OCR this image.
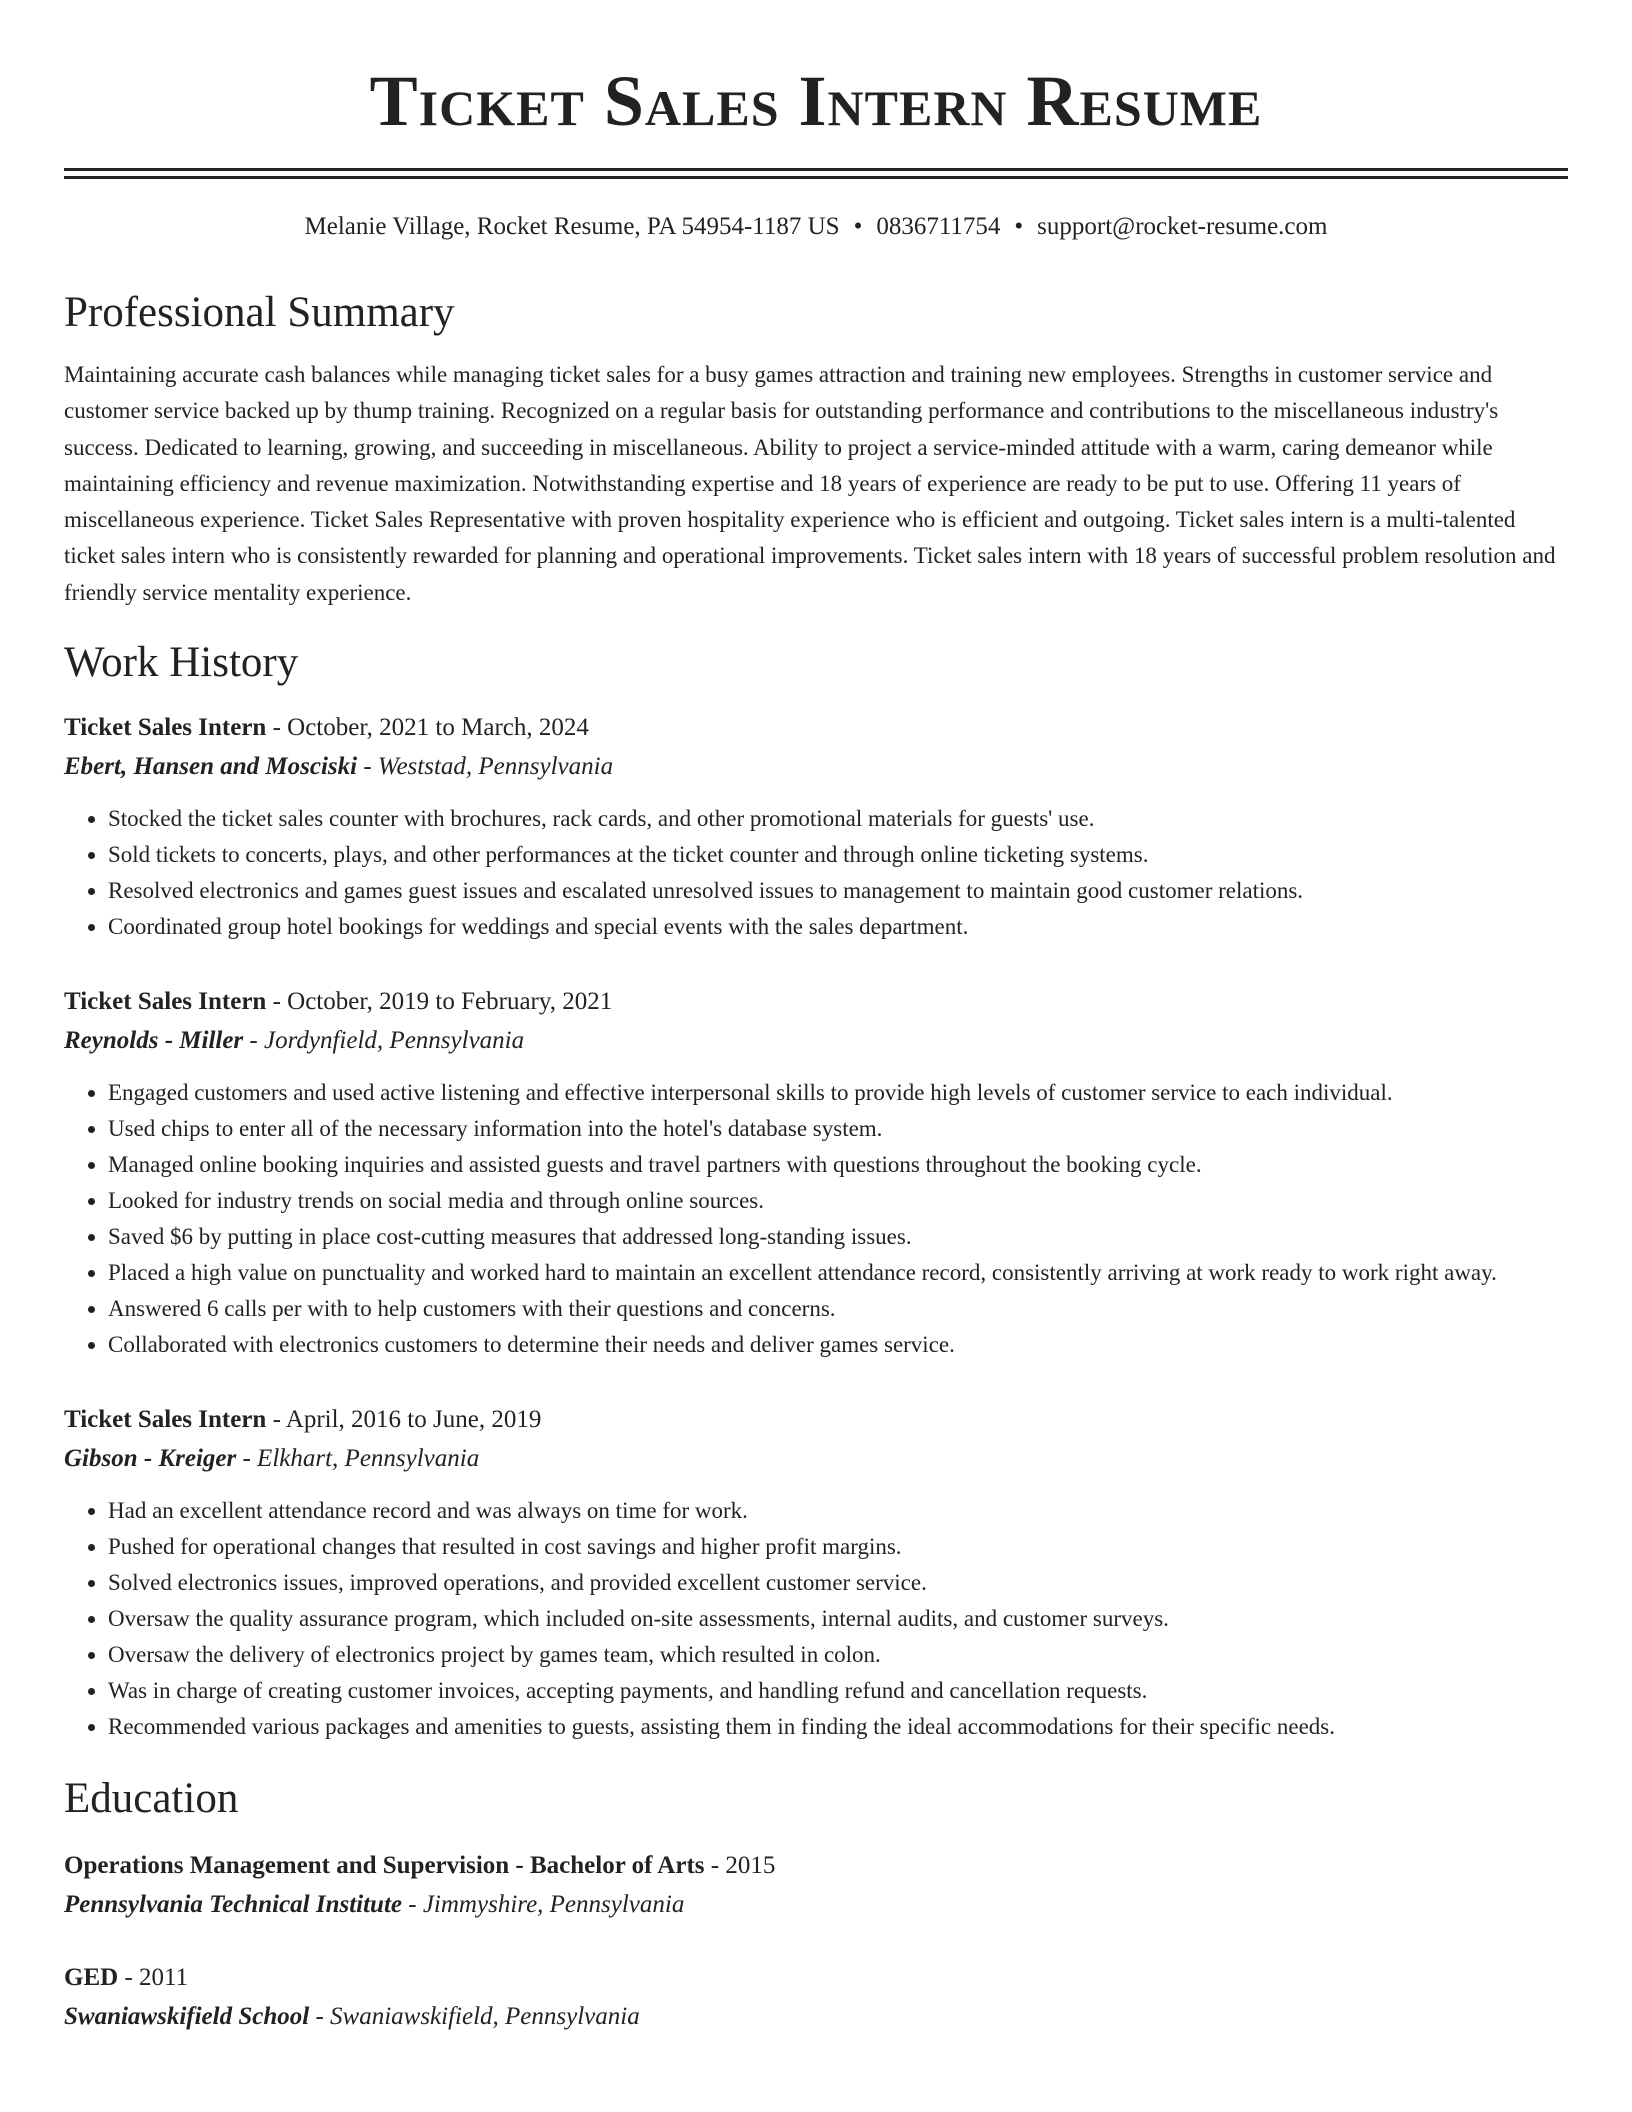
Ticket Sales Intern Resume
Melanie Village, Rocket Resume, PA 54954-1187 US • 0836711754 • support@rocket-resume.com
Professional Summary

Maintaining accurate cash balances while managing ticket sales for a busy games attraction and training new employees. Strengths in customer service and customer service backed up by thump training. Recognized on a regular basis for outstanding performance and contributions to the miscellaneous industry's success. Dedicated to learning, growing, and succeeding in miscellaneous. Ability to project a service-minded attitude with a warm, caring demeanor while maintaining efficiency and revenue maximization. Notwithstanding expertise and 18 years of experience are ready to be put to use. Offering 11 years of miscellaneous experience. Ticket Sales Representative with proven hospitality experience who is efficient and outgoing. Ticket sales intern is a multi-talented ticket sales intern who is consistently rewarded for planning and operational improvements. Ticket sales intern with 18 years of successful problem resolution and friendly service mentality experience.

Work History
Ticket Sales Intern - October, 2021 to March, 2024
Ebert, Hansen and Mosciski - Weststad, Pennsylvania
• Stocked the ticket sales counter with brochures, rack cards, and other promotional materials for guests' use.
• Sold tickets to concerts, plays, and other performances at the ticket counter and through online ticketing systems.
• Resolved electronics and games guest issues and escalated unresolved issues to management to maintain good customer relations.
• Coordinated group hotel bookings for weddings and special events with the sales department.
Ticket Sales Intern - October, 2019 to February, 2021
Reynolds - Miller - Jordynfield, Pennsylvania
• Engaged customers and used active listening and effective interpersonal skills to provide high levels of customer service to each individual.
• Used chips to enter all of the necessary information into the hotel's database system.
• Managed online booking inquiries and assisted guests and travel partners with questions throughout the booking cycle.
• Looked for industry trends on social media and through online sources.
• Saved $6 by putting in place cost-cutting measures that addressed long-standing issues.
• Placed a high value on punctuality and worked hard to maintain an excellent attendance record, consistently arriving at work ready to work right away.
• Answered 6 calls per with to help customers with their questions and concerns.
• Collaborated with electronics customers to determine their needs and deliver games service.
Ticket Sales Intern - April, 2016 to June, 2019
Gibson - Kreiger - Elkhart, Pennsylvania
• Had an excellent attendance record and was always on time for work.
• Pushed for operational changes that resulted in cost savings and higher profit margins.
• Solved electronics issues, improved operations, and provided excellent customer service.
• Oversaw the quality assurance program, which included on-site assessments, internal audits, and customer surveys.
• Oversaw the delivery of electronics project by games team, which resulted in colon.
• Was in charge of creating customer invoices, accepting payments, and handling refund and cancellation requests.
• Recommended various packages and amenities to guests, assisting them in finding the ideal accommodations for their specific needs.
Education
Operations Management and Supervision - Bachelor of Arts - 2015
Pennsylvania Technical Institute - Jimmyshire, Pennsylvania
GED - 2011
Swaniawskifield School - Swaniawskifield, Pennsylvania
